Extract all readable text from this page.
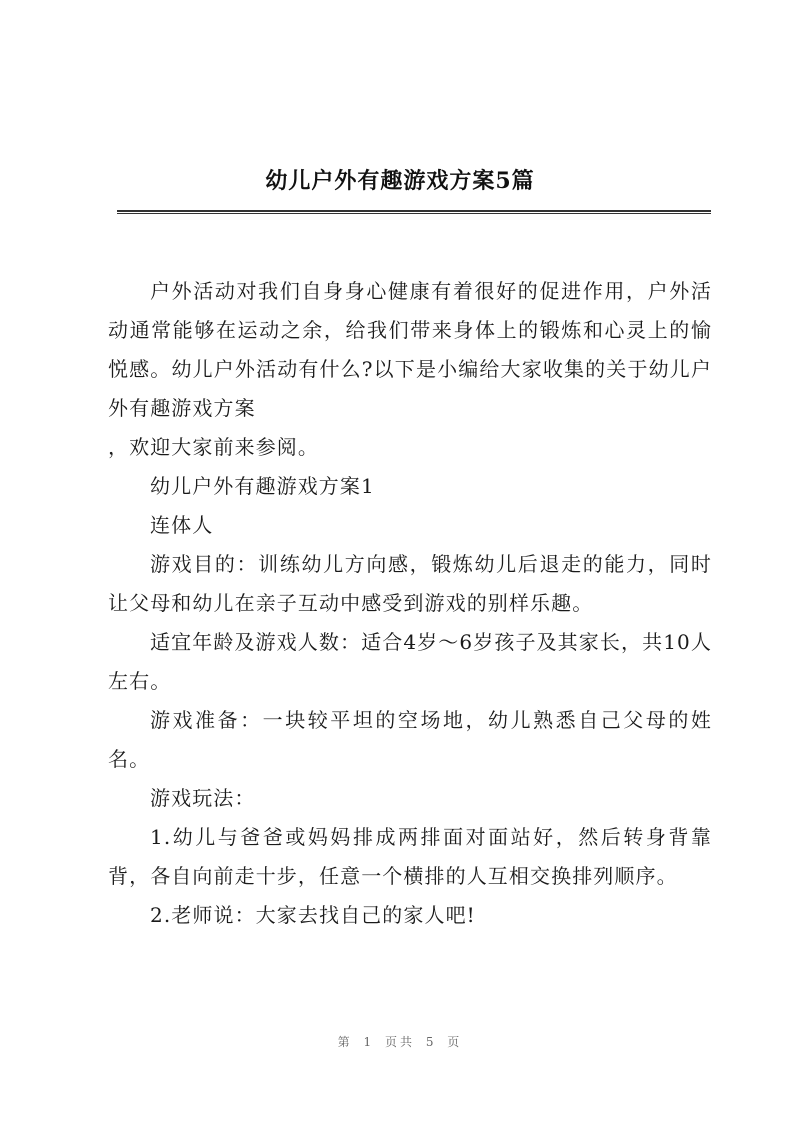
幼儿户外有趣游戏方案5篇

户外活动对我们自身身心健康有着很好的促进作用，户外活动通常能够在运动之余，给我们带来身体上的锻炼和心灵上的愉悦感。幼儿户外活动有什么?以下是小编给大家收集的关于幼儿户外有趣游戏方案

，欢迎大家前来参阅。

幼儿户外有趣游戏方案1

连体人

游戏目的：训练幼儿方向感，锻炼幼儿后退走的能力，同时让父母和幼儿在亲子互动中感受到游戏的别样乐趣。

适宜年龄及游戏人数：适合4岁～6岁孩子及其家长，共10人左右。

游戏准备：一块较平坦的空场地，幼儿熟悉自己父母的姓名。

游戏玩法：

1.幼儿与爸爸或妈妈排成两排面对面站好，然后转身背靠背，各自向前走十步，任意一个横排的人互相交换排列顺序。

2.老师说：大家去找自己的家人吧!

第 1 页共 5 页
